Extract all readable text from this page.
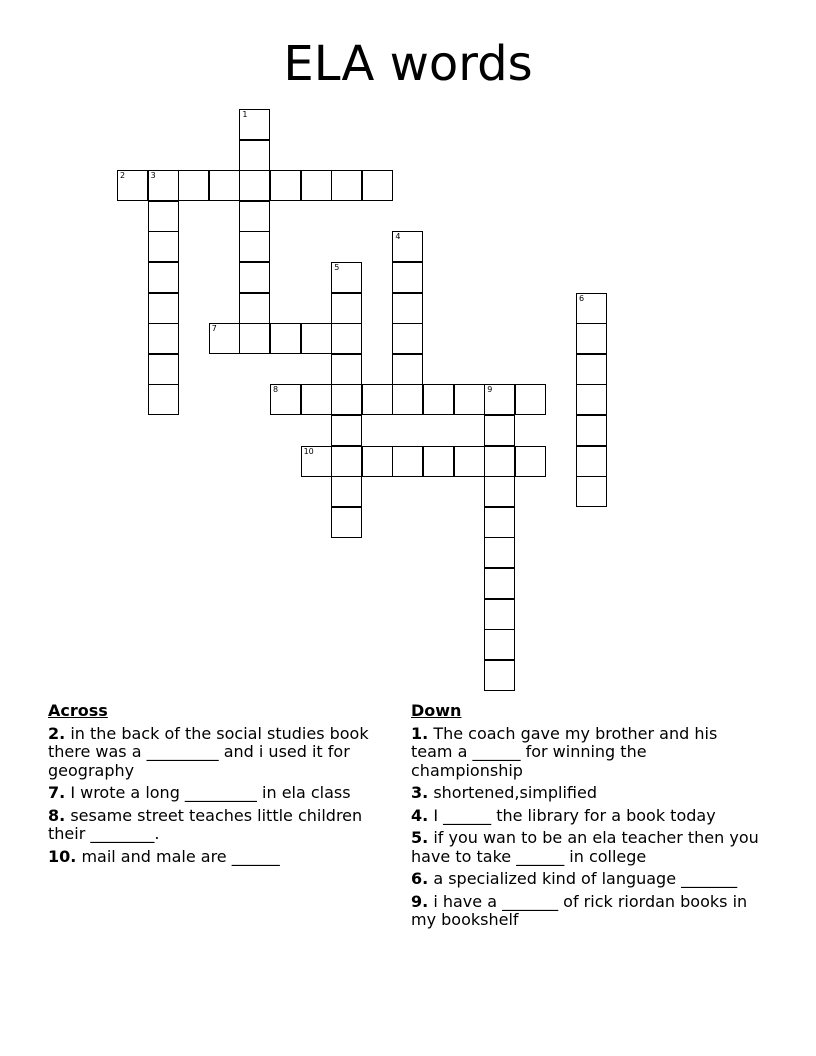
ELA words
1
2	3
4
5
6
7
8	9
10
Across
2. in the back of the social studies book there was a _________ and i used it for geography
7. I wrote a long _________ in ela class
8. sesame street teaches little children their ________.
10. mail and male are ______
Down
1. The coach gave my brother and his team a ______ for winning the championship
3. shortened,simplified
4. I ______ the library for a book today
5. if you wan to be an ela teacher then you have to take ______ in college
6. a specialized kind of language _______
9. i have a _______ of rick riordan books in my bookshelf
